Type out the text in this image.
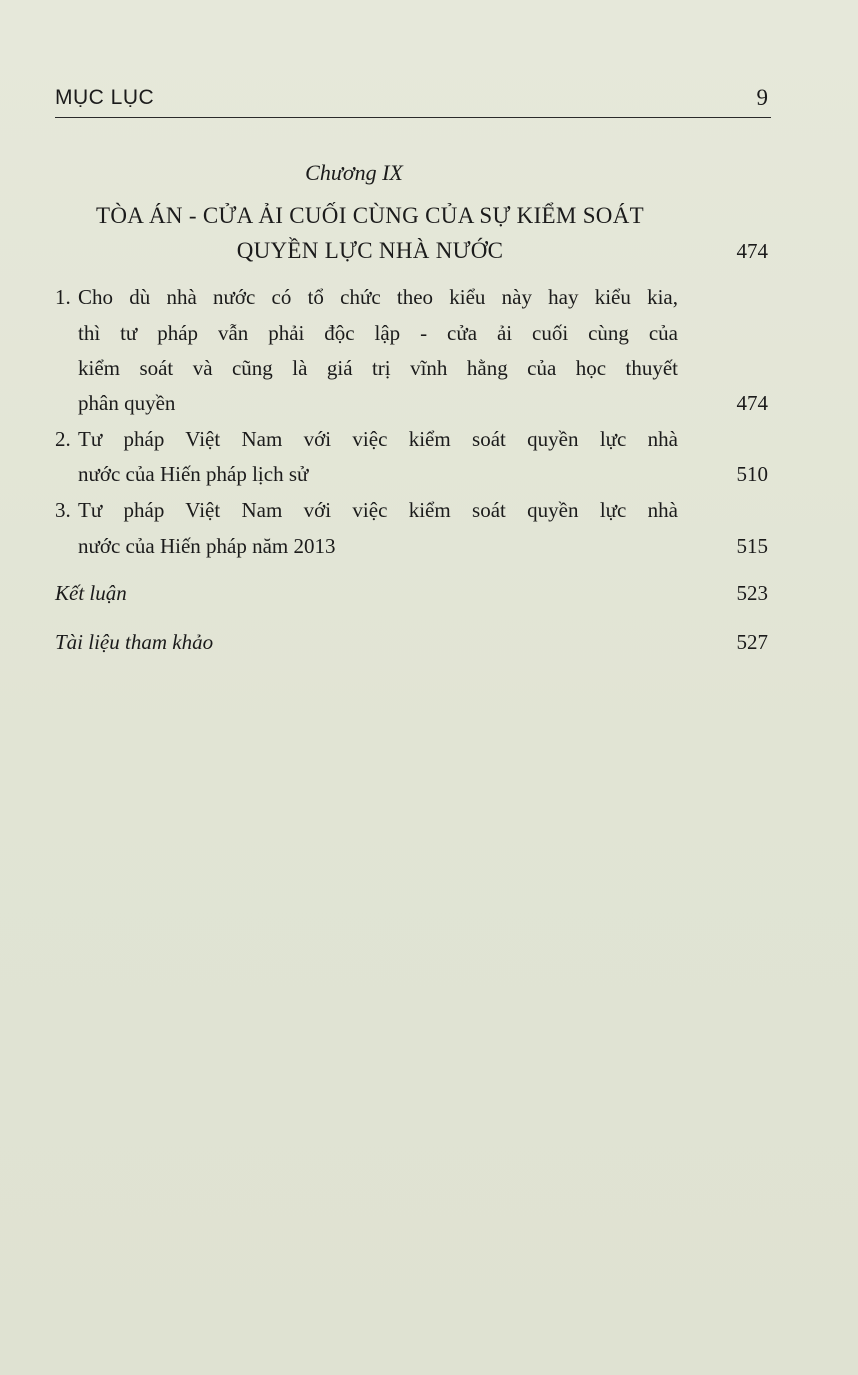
MỤC LỤC	9
Chương IX
TÒA ÁN - CỬA ẢI CUỐI CÙNG CỦA SỰ KIỂM SOÁT
QUYỀN LỰC NHÀ NƯỚC	474
1. Cho dù nhà nước có tổ chức theo kiểu này hay kiểu kia,
thì tư pháp vẫn phải độc lập - cửa ải cuối cùng của
kiểm soát và cũng là giá trị vĩnh hằng của học thuyết
phân quyền	474
2. Tư pháp Việt Nam với việc kiểm soát quyền lực nhà
nước của Hiến pháp lịch sử	510
3. Tư pháp Việt Nam với việc kiểm soát quyền lực nhà
nước của Hiến pháp năm 2013	515
Kết luận	523
Tài liệu tham khảo	527
